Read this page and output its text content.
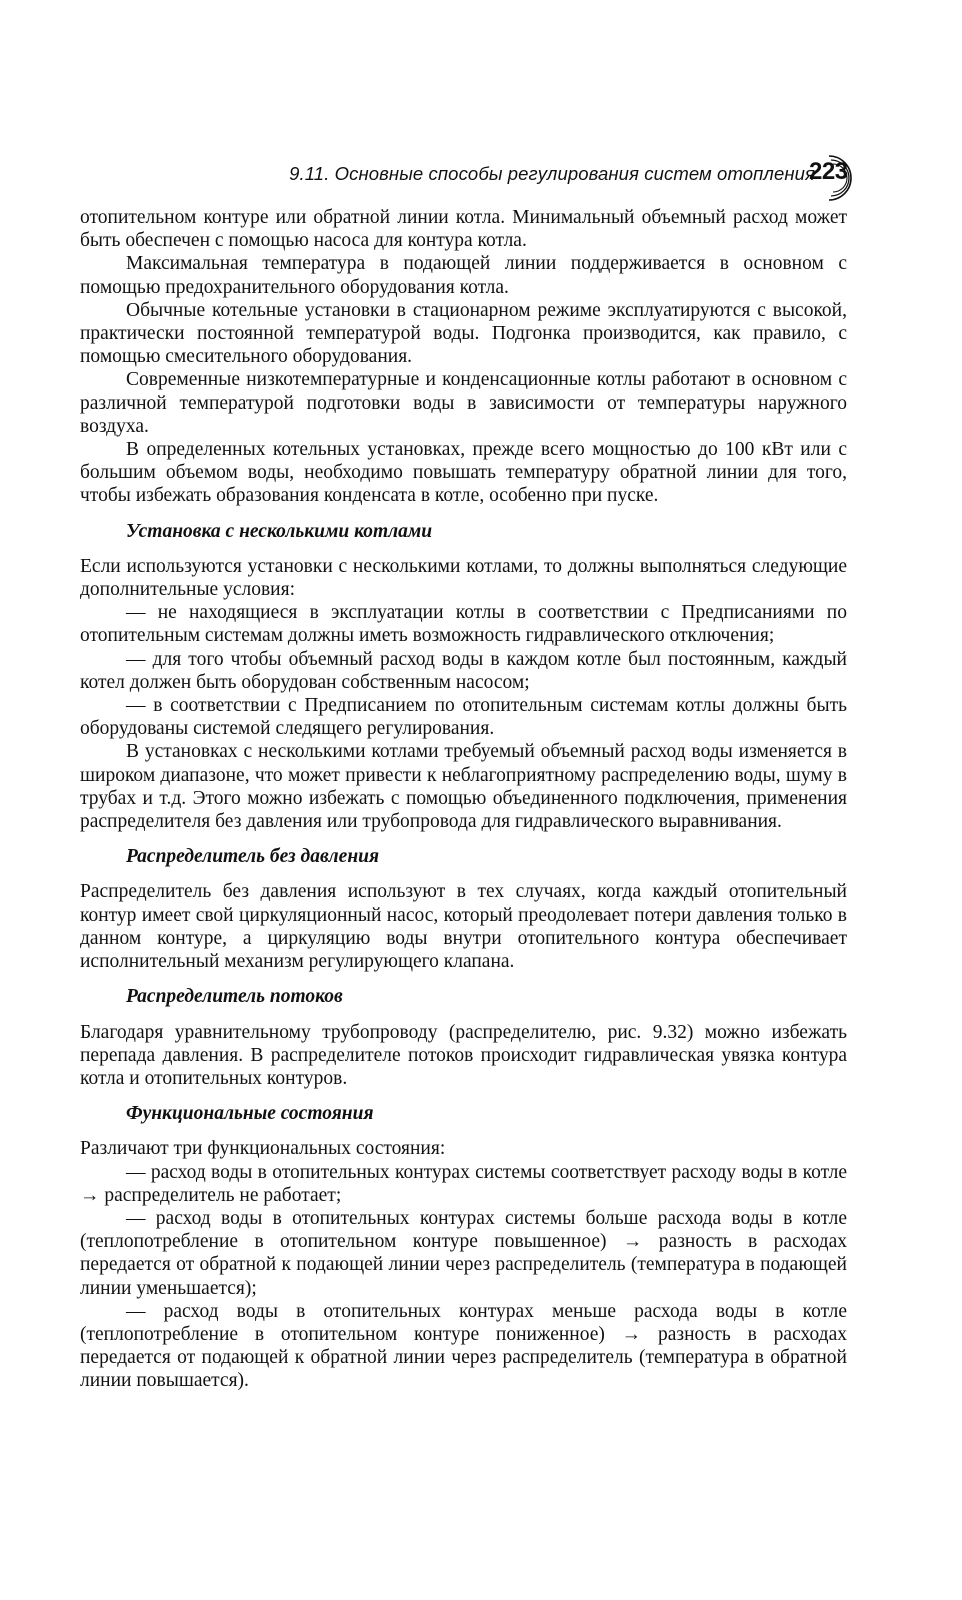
9.11. Основные способы регулирования систем отопления
223

отопительном контуре или обратной линии котла. Минимальный объемный расход может быть обеспечен с помощью насоса для контура котла.

Максимальная температура в подающей линии поддерживается в основном с помощью предохранительного оборудования котла.

Обычные котельные установки в стационарном режиме эксплуатируются с высокой, практически постоянной температурой воды. Подгонка производится, как правило, с помощью смесительного оборудования.

Современные низкотемпературные и конденсационные котлы работают в основном с различной температурой подготовки воды в зависимости от температуры наружного воздуха.

В определенных котельных установках, прежде всего мощностью до 100 кВт или с большим объемом воды, необходимо повышать температуру обратной линии для того, чтобы избежать образования конденсата в котле, особенно при пуске.

Установка с несколькими котлами

Если используются установки с несколькими котлами, то должны выполняться следующие дополнительные условия:

— не находящиеся в эксплуатации котлы в соответствии с Предписаниями по отопительным системам должны иметь возможность гидравлического отключения;

— для того чтобы объемный расход воды в каждом котле был постоянным, каждый котел должен быть оборудован собственным насосом;

— в соответствии с Предписанием по отопительным системам котлы должны быть оборудованы системой следящего регулирования.

В установках с несколькими котлами требуемый объемный расход воды изменяется в широком диапазоне, что может привести к неблагоприятному распределению воды, шуму в трубах и т.д. Этого можно избежать с помощью объединенного подключения, применения распределителя без давления или трубопровода для гидравлического выравнивания.

Распределитель без давления

Распределитель без давления используют в тех случаях, когда каждый отопительный контур имеет свой циркуляционный насос, который преодолевает потери давления только в данном контуре, а циркуляцию воды внутри отопительного контура обеспечивает исполнительный механизм регулирующего клапана.

Распределитель потоков

Благодаря уравнительному трубопроводу (распределителю, рис. 9.32) можно избежать перепада давления. В распределителе потоков происходит гидравлическая увязка контура котла и отопительных контуров.

Функциональные состояния

Различают три функциональных состояния:

— расход воды в отопительных контурах системы соответствует расходу воды в котле → распределитель не работает;

— расход воды в отопительных контурах системы больше расхода воды в котле (теплопотребление в отопительном контуре повышенное) → разность в расходах передается от обратной к подающей линии через распределитель (температура в подающей линии уменьшается);

— расход воды в отопительных контурах меньше расхода воды в котле (теплопотребление в отопительном контуре пониженное) → разность в расходах передается от подающей к обратной линии через распределитель (температура в обратной линии повышается).
